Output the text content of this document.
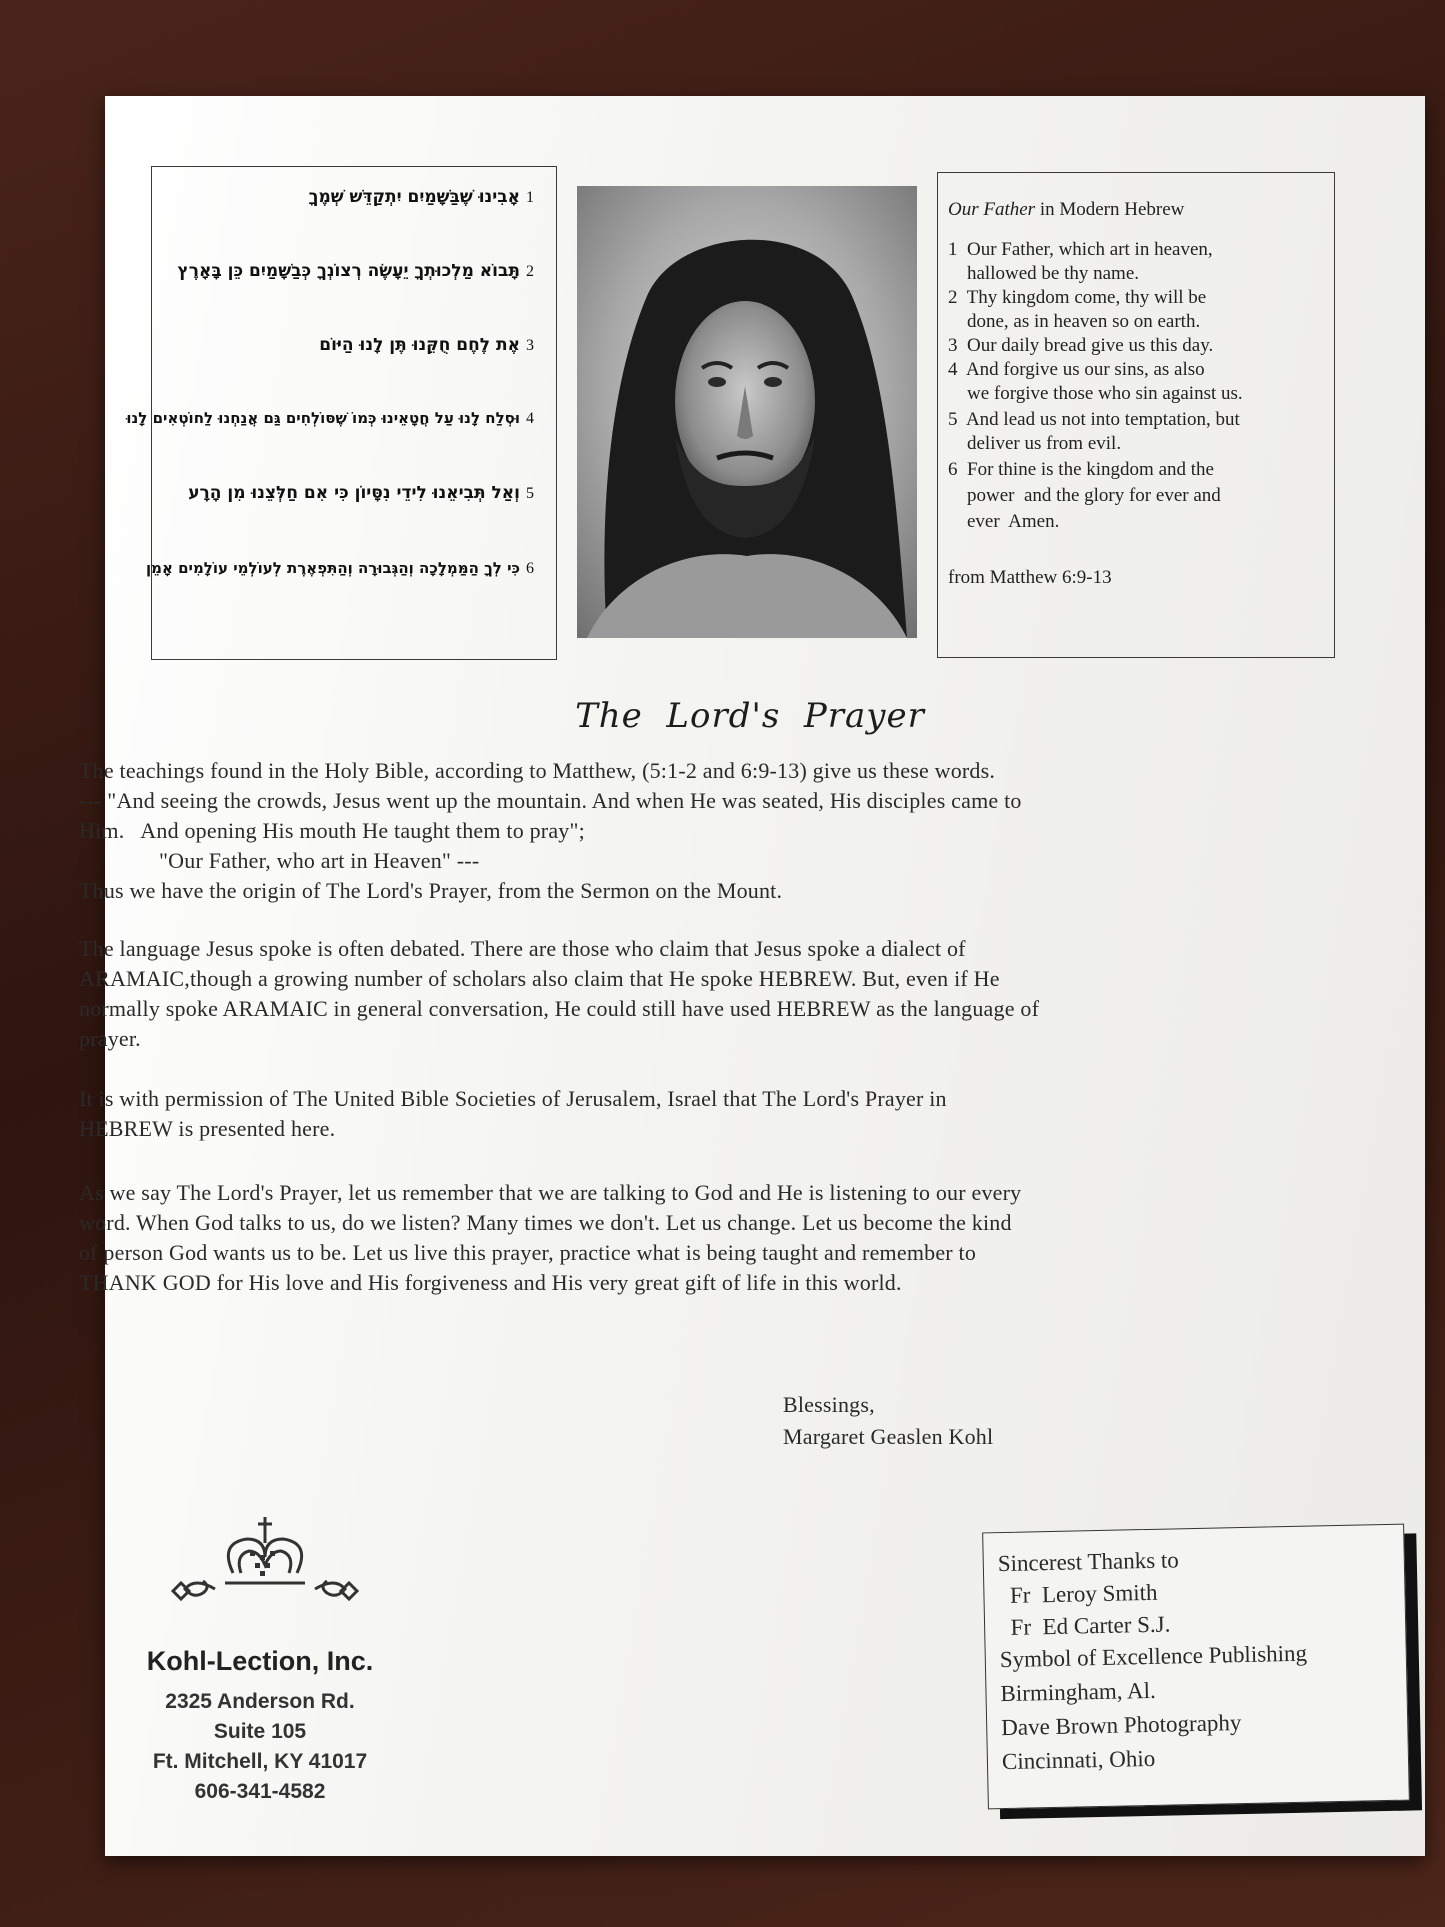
1אָבִינוּ שֶׁבַּשָּׁמַיִם יִתְקַדֵּשׁ שְׁמֶךָ
2תָּבוֹא מַלְכוּתְךָ יֵעָשֶׂה רְצוֹנְךָ כְּבַשָּׁמַיִם כֵּן בָּאָרֶץ
3אֶת לֶחֶם חֻקֵּנוּ תֶּן לָנוּ הַיּוֹם
4וּסְלַח לָנוּ עַל חֲטָאֵינוּ כְּמוֹ שֶׁסּוֹלְחִים גַּם אֲנַחְנוּ לַחוֹטְאִים לָנוּ
5וְאַל תְּבִיאֵנוּ לִידֵי נִסָּיוֹן כִּי אִם חַלְּצֵנוּ מִן הָרָע
6כִּי לְךָ הַמַּמְלָכָה וְהַגְּבוּרָה וְהַתִּפְאֶרֶת לְעוֹלְמֵי עוֹלָמִים אָמֵן
Our Father in Modern Hebrew
1  Our Father, which art in heaven,
hallowed be thy name.
2  Thy kingdom come, thy will be
done, as in heaven so on earth.
3  Our daily bread give us this day.
4  And forgive us our sins, as also
we forgive those who sin against us.
5  And lead us not into temptation, but
deliver us from evil.
6  For thine is the kingdom and the
power  and the glory for ever and
ever  Amen.
from Matthew 6:9-13
The  Lord's  Prayer
The teachings found in the Holy Bible, according to Matthew, (5:1-2 and 6:9-13) give us these words.
--- "And seeing the crowds, Jesus went up the mountain. And when He was seated, His disciples came to
Him.   And opening His mouth He taught them to pray";
"Our Father, who art in Heaven" ---
Thus we have the origin of The Lord's Prayer, from the Sermon on the Mount.
The language Jesus spoke is often debated. There are those who claim that Jesus spoke a dialect of
ARAMAIC,though a growing number of scholars also claim that He spoke HEBREW. But, even if He
normally spoke ARAMAIC in general conversation, He could still have used HEBREW as the language of
prayer.
It is with permission of The United Bible Societies of Jerusalem, Israel that The Lord's Prayer in
HEBREW is presented here.
As we say The Lord's Prayer, let us remember that we are talking to God and He is listening to our every
word. When God talks to us, do we listen? Many times we don't. Let us change. Let us become the kind
of person God wants us to be. Let us live this prayer, practice what is being taught and remember to
THANK GOD for His love and His forgiveness and His very great gift of life in this world.
Blessings,
Margaret Geaslen Kohl
Kohl-Lection, Inc.
2325 Anderson Rd.
Suite 105
Ft. Mitchell, KY 41017
606-341-4582
Sincerest Thanks to
Fr  Leroy Smith
Fr  Ed Carter S.J.
Symbol of Excellence Publishing
Birmingham, Al.
Dave Brown Photography
Cincinnati, Ohio
